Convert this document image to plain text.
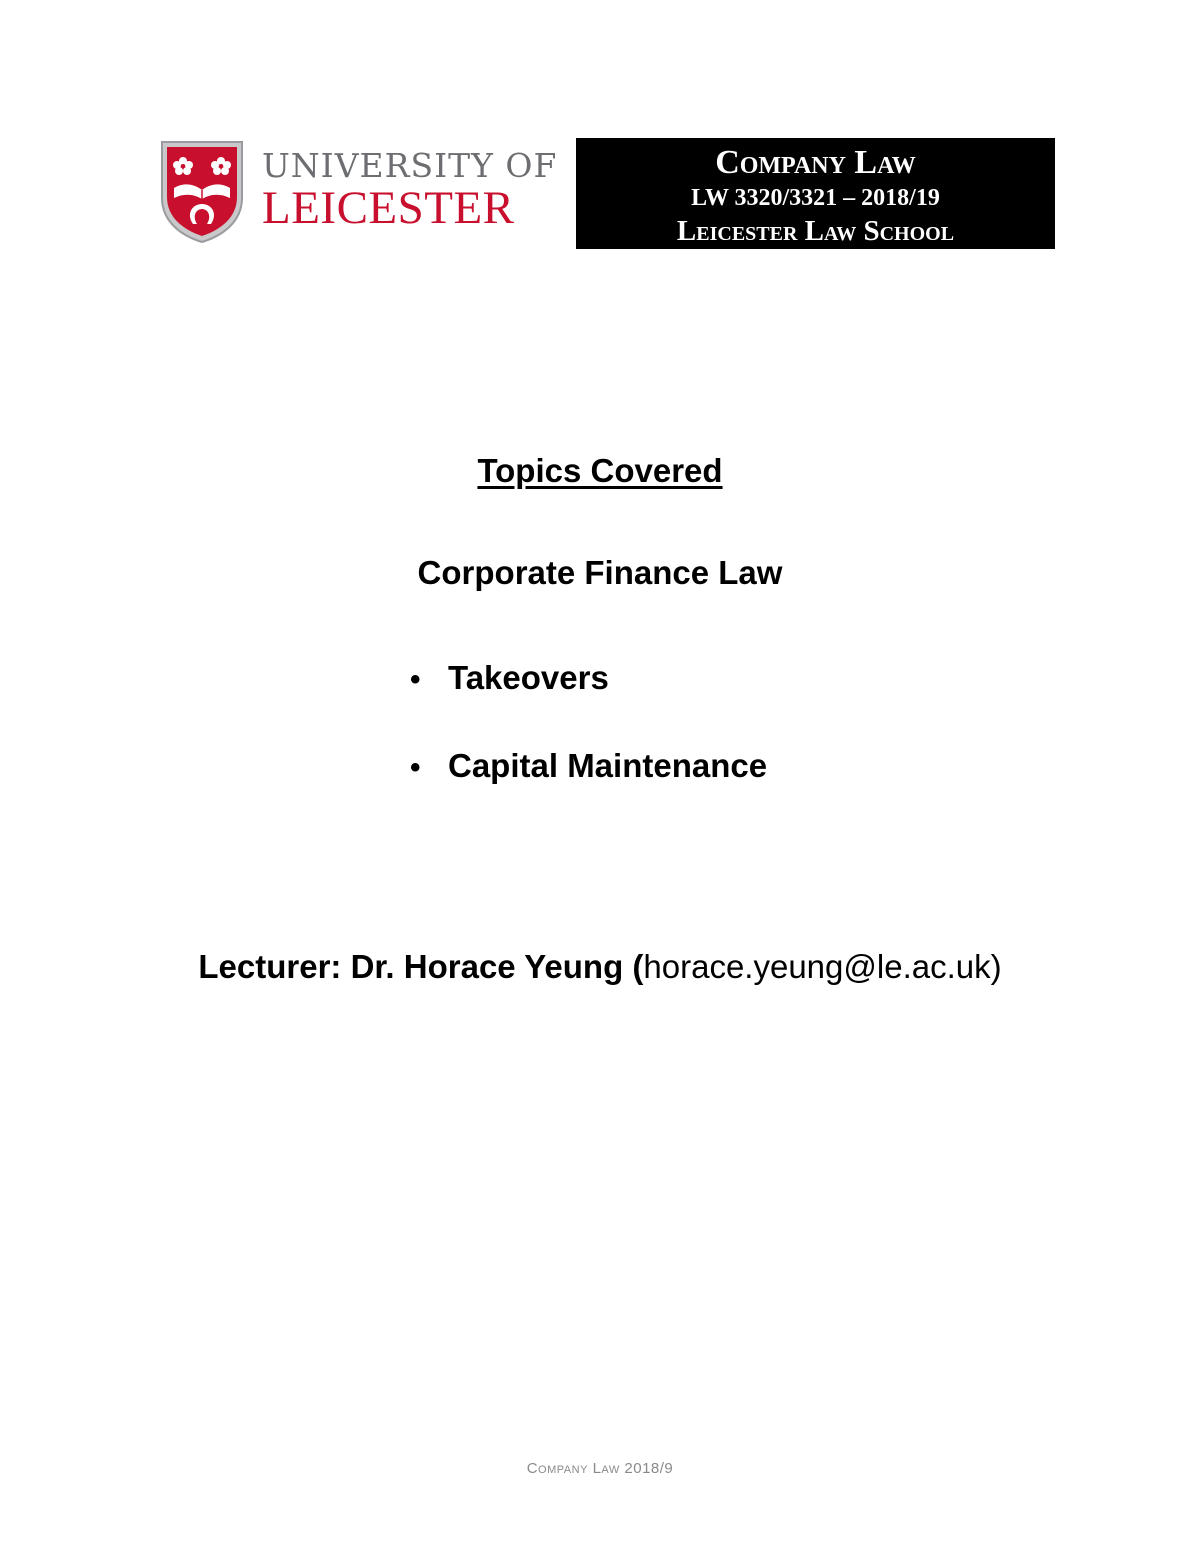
UNIVERSITY OF
LEICESTER
Company Law
LW 3320/3321 – 2018/19
Leicester Law School
Topics Covered
Corporate Finance Law
• Takeovers
• Capital Maintenance
Lecturer: Dr. Horace Yeung (horace.yeung@le.ac.uk)
Company Law 2018/9
